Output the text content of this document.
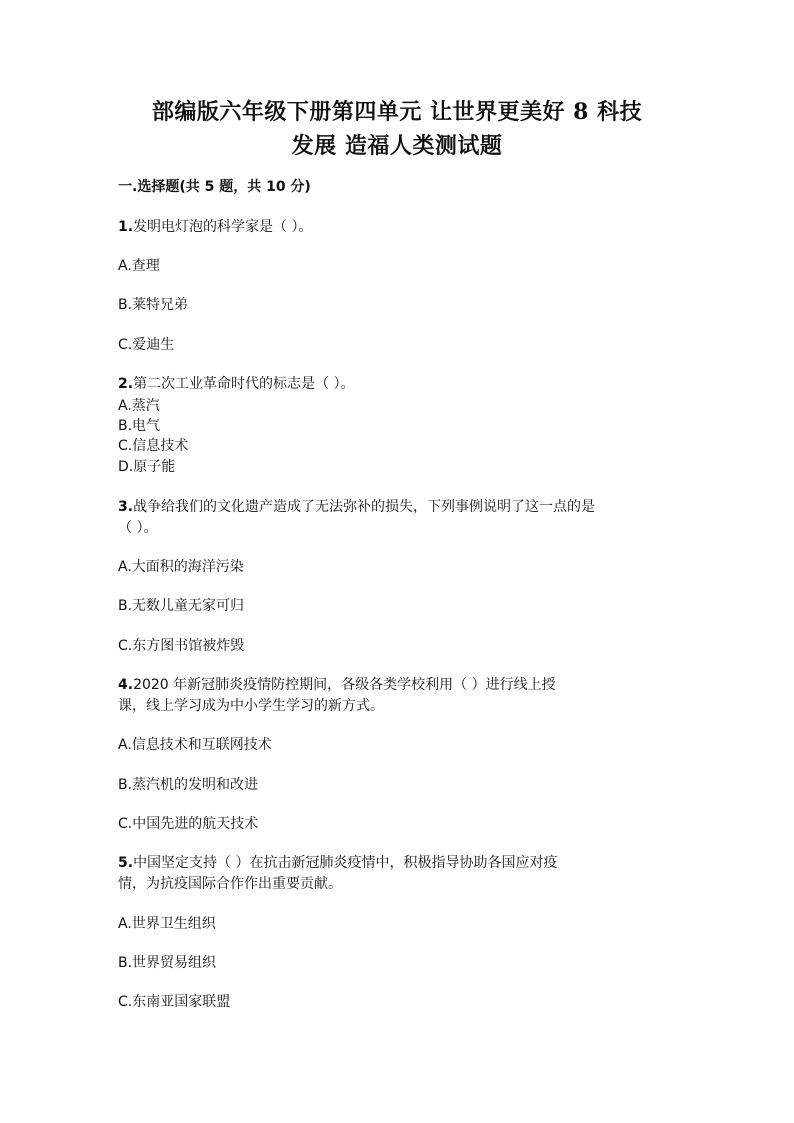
部编版六年级下册第四单元 让世界更美好 8 科技
发展 造福人类测试题
一.选择题(共 5 题，共 10 分)
1.发明电灯泡的科学家是（ ）。
A.查理
B.莱特兄弟
C.爱迪生
2.第二次工业革命时代的标志是（ ）。
A.蒸汽
B.电气
C.信息技术
D.原子能
3.战争给我们的文化遗产造成了无法弥补的损失，下列事例说明了这一点的是
（ ）。
A.大面积的海洋污染
B.无数儿童无家可归
C.东方图书馆被炸毁
4.2020 年新冠肺炎疫情防控期间，各级各类学校利用（ ）进行线上授
课，线上学习成为中小学生学习的新方式。
A.信息技术和互联网技术
B.蒸汽机的发明和改进
C.中国先进的航天技术
5.中国坚定支持（ ）在抗击新冠肺炎疫情中，积极指导协助各国应对疫
情，为抗疫国际合作作出重要贡献。
A.世界卫生组织
B.世界贸易组织
C.东南亚国家联盟
